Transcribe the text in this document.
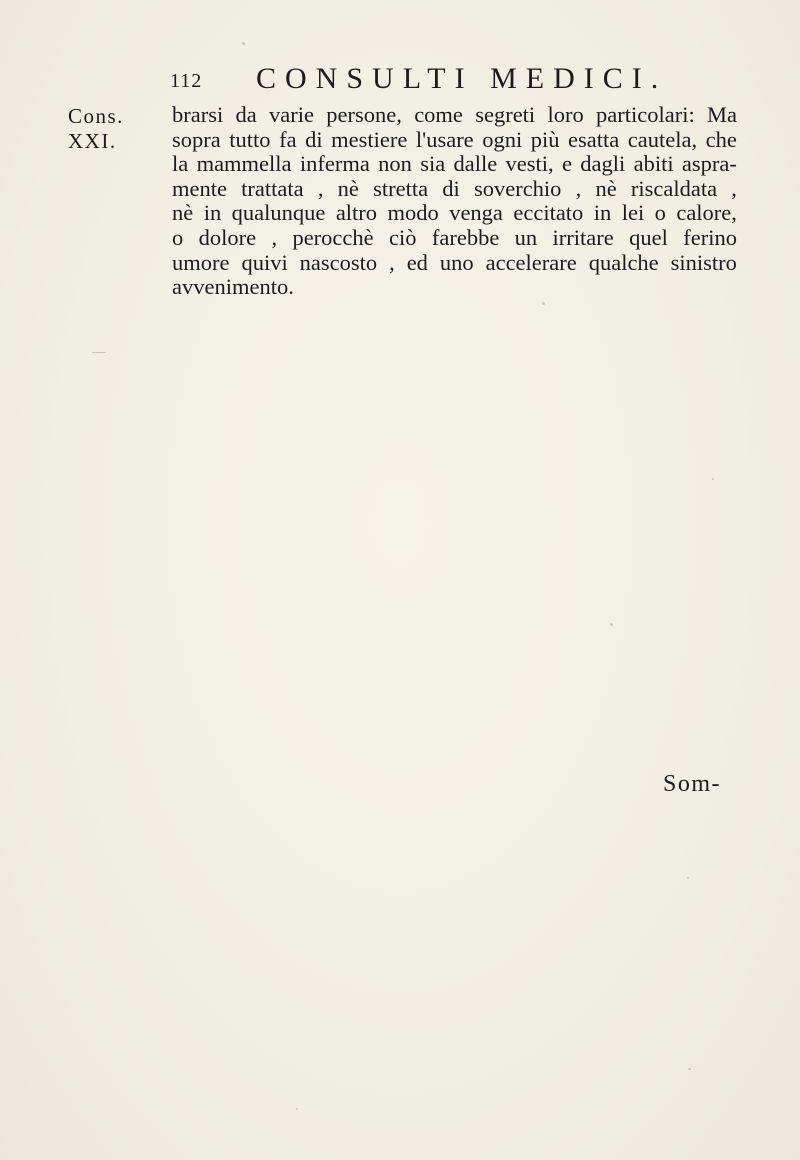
112 CONSULTI MEDICI.
Cons.
XXI.
brarsi da varie persone, come segreti loro particolari: Ma
sopra tutto fa di mestiere l'usare ogni più esatta cautela, che
la mammella inferma non sia dalle vesti, e dagli abiti aspra-
mente trattata , nè stretta di soverchio , nè riscaldata ,
nè in qualunque altro modo venga eccitato in lei o calore,
o dolore , perocchè ciò farebbe un irritare quel ferino
umore quivi nascosto , ed uno accelerare qualche sinistro
avvenimento.
Som-
